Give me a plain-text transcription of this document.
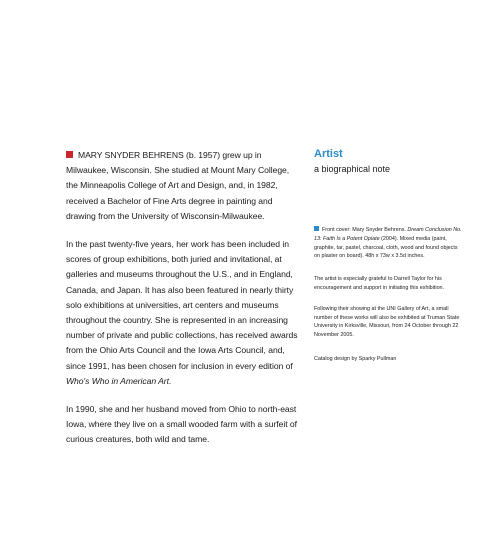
MARY SNYDER BEHRENS (b. 1957) grew up in Milwaukee, Wisconsin. She studied at Mount Mary College, the Minneapolis College of Art and Design, and, in 1982, received a Bachelor of Fine Arts degree in painting and drawing from the University of Wisconsin-Milwaukee.

In the past twenty-five years, her work has been included in scores of group exhibitions, both juried and invitational, at galleries and museums throughout the U.S., and in England, Canada, and Japan. It has also been featured in nearly thirty solo exhibitions at universities, art centers and museums throughout the country. She is represented in an increasing number of private and public collections, has received awards from the Ohio Arts Council and the Iowa Arts Council, and, since 1991, has been chosen for inclusion in every edition of Who's Who in American Art.

In 1990, she and her husband moved from Ohio to north-east Iowa, where they live on a small wooded farm with a surfeit of curious creatures, both wild and tame.

Artist
a biographical note
Front cover: Mary Snyder Behrens. Dream Conclusion No. 13: Faith Is a Potent Opiate (2004). Mixed media (paint, graphite, tar, pastel, charcoal, cloth, wood and found objects on plaster on board). 48h x 73w x 3.5d inches.
The artist is especially grateful to Darrell Taylor for his encouragement and support in initiating this exhibition.
Following their showing at the UNI Gallery of Art, a small number of these works will also be exhibited at Truman State University in Kirksville, Missouri, from 24 October through 22 November 2005.
Catalog design by Sparky Pullman
